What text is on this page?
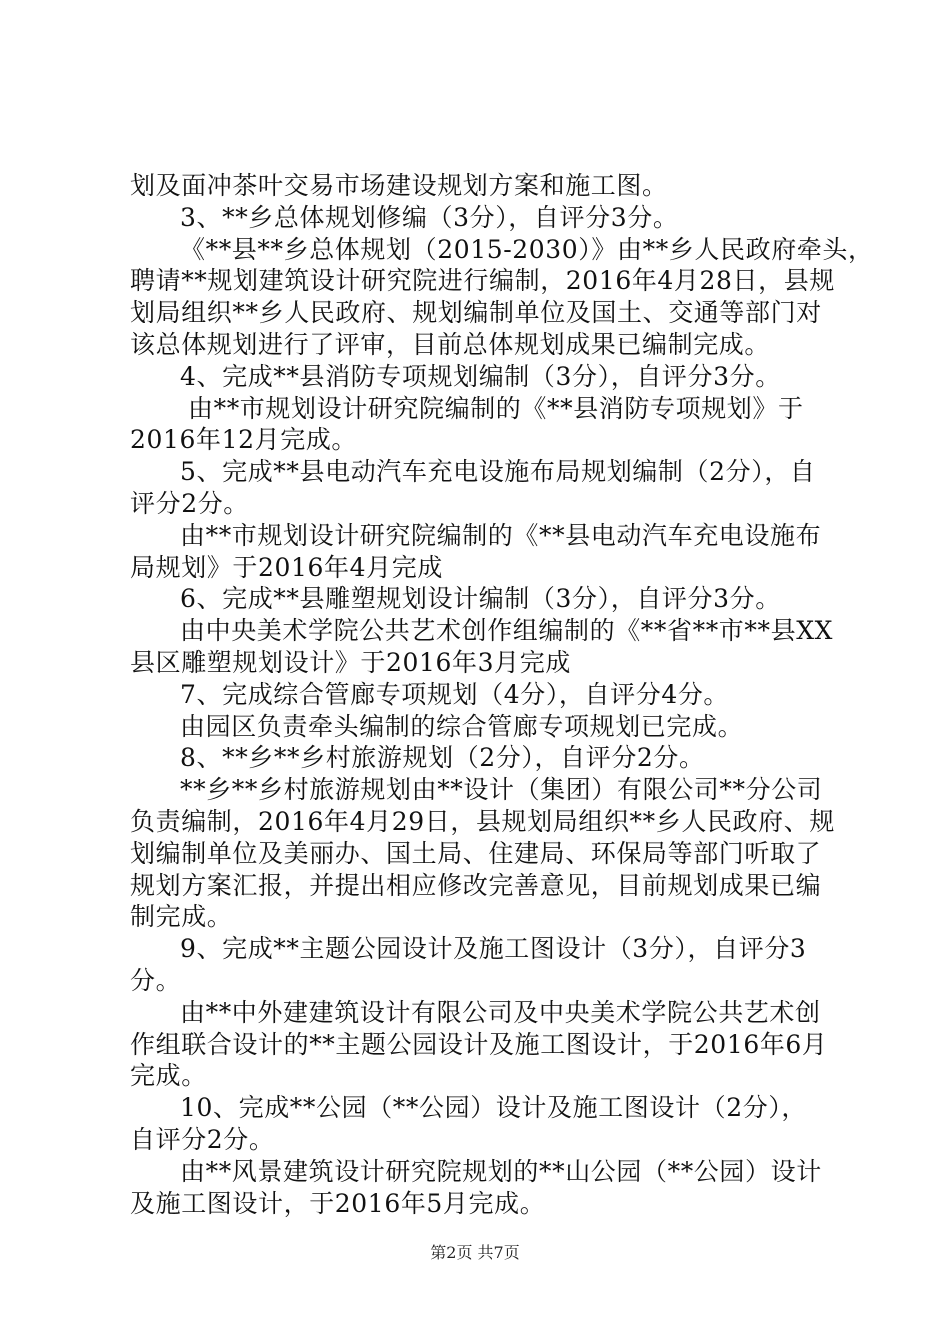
划及面冲茶叶交易市场建设规划方案和施工图。
3、**乡总体规划修编（3分），自评分3分。
《**县**乡总体规划（2015-2030）》由**乡人民政府牵头，
聘请**规划建筑设计研究院进行编制，2016年4月28日，县规
划局组织**乡人民政府、规划编制单位及国土、交通等部门对
该总体规划进行了评审，目前总体规划成果已编制完成。
4、完成**县消防专项规划编制（3分），自评分3分。
由**市规划设计研究院编制的《**县消防专项规划》于
2016年12月完成。
5、完成**县电动汽车充电设施布局规划编制（2分），自
评分2分。
由**市规划设计研究院编制的《**县电动汽车充电设施布
局规划》于2016年4月完成
6、完成**县雕塑规划设计编制（3分），自评分3分。
由中央美术学院公共艺术创作组编制的《**省**市**县XX
县区雕塑规划设计》于2016年3月完成
7、完成综合管廊专项规划（4分），自评分4分。
由园区负责牵头编制的综合管廊专项规划已完成。
8、**乡**乡村旅游规划（2分），自评分2分。
**乡**乡村旅游规划由**设计（集团）有限公司**分公司
负责编制，2016年4月29日，县规划局组织**乡人民政府、规
划编制单位及美丽办、国土局、住建局、环保局等部门听取了
规划方案汇报，并提出相应修改完善意见，目前规划成果已编
制完成。
9、完成**主题公园设计及施工图设计（3分），自评分3
分。
由**中外建建筑设计有限公司及中央美术学院公共艺术创
作组联合设计的**主题公园设计及施工图设计，于2016年6月
完成。
10、完成**公园（**公园）设计及施工图设计（2分），
自评分2分。
由**风景建筑设计研究院规划的**山公园（**公园）设计
及施工图设计，于2016年5月完成。
第2页 共7页
